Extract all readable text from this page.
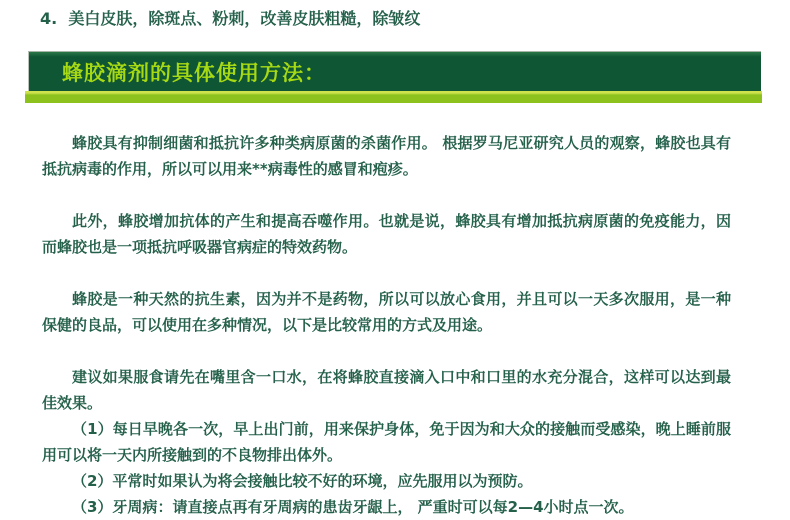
4.  美白皮肤，除斑点、粉刺，改善皮肤粗糙，除皱纹
蜂胶滴剂的具体使用方法：

蜂胶具有抑制细菌和抵抗许多种类病原菌的杀菌作用。 根据罗马尼亚研究人员的观察，蜂胶也具有抵抗病毒的作用，所以可以用来**病毒性的感冒和疱疹。

此外，蜂胶增加抗体的产生和提高吞噬作用。也就是说，蜂胶具有增加抵抗病原菌的免疫能力，因而蜂胶也是一项抵抗呼吸器官病症的特效药物。

蜂胶是一种天然的抗生素，因为并不是药物，所以可以放心食用，并且可以一天多次服用，是一种保健的良品，可以使用在多种情况，以下是比较常用的方式及用途。

建议如果服食请先在嘴里含一口水，在将蜂胶直接滴入口中和口里的水充分混合，这样可以达到最佳效果。

（1）每日早晚各一次，早上出门前，用来保护身体，免于因为和大众的接触而受感染，晚上睡前服用可以将一天内所接触到的不良物排出体外。
（2）平常时如果认为将会接触比较不好的环境，应先服用以为预防。
（3）牙周病：请直接点再有牙周病的患齿牙龈上， 严重时可以每2—4小时点一次。
